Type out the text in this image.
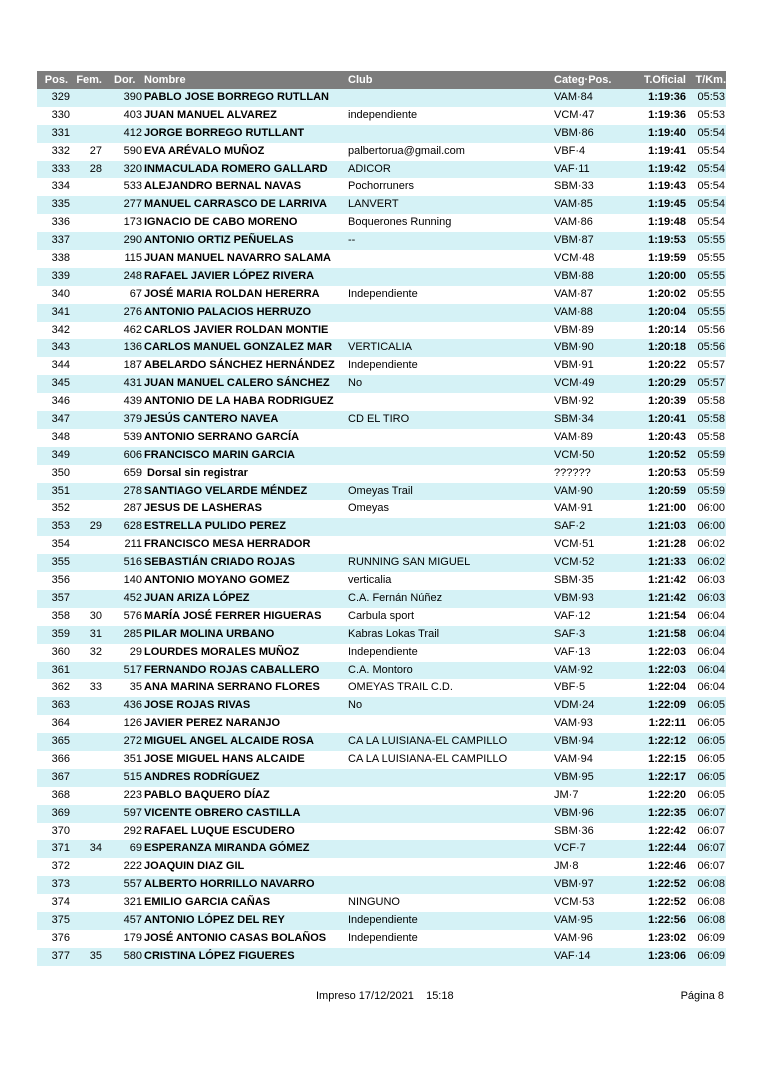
Pos. Fem. Dor. Nombre	Club	Categ·Pos.	T.Oficial T/Km.
329	390 PABLO JOSE BORREGO RUTLLAN	VAM·84	1:19:36	05:53
330	403 JUAN MANUEL ALVAREZ	independiente	VCM·47	1:19:36	05:53
331	412 JORGE BORREGO RUTLLANT	VBM·86	1:19:40	05:54
332	27	590 EVA ARÉVALO MUÑOZ	palbertorua@gmail.com	VBF·4	1:19:41	05:54
333	28	320 INMACULADA ROMERO GALLARD	ADICOR	VAF·11	1:19:42	05:54
334	533 ALEJANDRO BERNAL NAVAS	Pochorruners	SBM·33	1:19:43	05:54
335	277 MANUEL CARRASCO DE LARRIVA	LANVERT	VAM·85	1:19:45	05:54
336	173 IGNACIO DE CABO MORENO	Boquerones Running	VAM·86	1:19:48	05:54
337	290 ANTONIO ORTIZ PEÑUELAS	--	VBM·87	1:19:53	05:55
338	115 JUAN MANUEL NAVARRO SALAMA	VCM·48	1:19:59	05:55
339	248 RAFAEL JAVIER LÓPEZ RIVERA	VBM·88	1:20:00	05:55
340	67 JOSÉ MARIA ROLDAN HERERRA	Independiente	VAM·87	1:20:02	05:55
341	276 ANTONIO PALACIOS HERRUZO	VAM·88	1:20:04	05:55
342	462 CARLOS JAVIER ROLDAN MONTIE	VBM·89	1:20:14	05:56
343	136 CARLOS MANUEL GONZALEZ MAR	VERTICALIA	VBM·90	1:20:18	05:56
344	187 ABELARDO SÁNCHEZ HERNÁNDEZ	Independiente	VBM·91	1:20:22	05:57
345	431 JUAN MANUEL CALERO SÁNCHEZ	No	VCM·49	1:20:29	05:57
346	439 ANTONIO DE LA HABA RODRIGUEZ	VBM·92	1:20:39	05:58
347	379 JESÚS CANTERO NAVEA	CD EL TIRO	SBM·34	1:20:41	05:58
348	539 ANTONIO SERRANO GARCÍA	VAM·89	1:20:43	05:58
349	606 FRANCISCO MARIN GARCIA	VCM·50	1:20:52	05:59
350	659 Dorsal sin registrar	??????	1:20:53	05:59
351	278 SANTIAGO VELARDE MÉNDEZ	Omeyas Trail	VAM·90	1:20:59	05:59
352	287 JESUS DE LASHERAS	Omeyas	VAM·91	1:21:00	06:00
353	29	628 ESTRELLA PULIDO PEREZ	SAF·2	1:21:03	06:00
354	211 FRANCISCO MESA HERRADOR	VCM·51	1:21:28	06:02
355	516 SEBASTIÁN CRIADO ROJAS	RUNNING SAN MIGUEL	VCM·52	1:21:33	06:02
356	140 ANTONIO MOYANO GOMEZ	verticalia	SBM·35	1:21:42	06:03
357	452 JUAN ARIZA LÓPEZ	C.A. Fernán Núñez	VBM·93	1:21:42	06:03
358	30	576 MARÍA JOSÉ FERRER HIGUERAS	Carbula sport	VAF·12	1:21:54	06:04
359	31	285 PILAR MOLINA URBANO	Kabras Lokas Trail	SAF·3	1:21:58	06:04
360	32	29 LOURDES MORALES MUÑOZ	Independiente	VAF·13	1:22:03	06:04
361	517 FERNANDO ROJAS CABALLERO	C.A. Montoro	VAM·92	1:22:03	06:04
362	33	35 ANA MARINA SERRANO FLORES	OMEYAS TRAIL C.D.	VBF·5	1:22:04	06:04
363	436 JOSE ROJAS RIVAS	No	VDM·24	1:22:09	06:05
364	126 JAVIER PEREZ NARANJO	VAM·93	1:22:11	06:05
365	272 MIGUEL ANGEL ALCAIDE ROSA	CA LA LUISIANA-EL CAMPILLO	VBM·94	1:22:12	06:05
366	351 JOSE MIGUEL HANS ALCAIDE	CA LA LUISIANA-EL CAMPILLO	VAM·94	1:22:15	06:05
367	515 ANDRES RODRÍGUEZ	VBM·95	1:22:17	06:05
368	223 PABLO BAQUERO DÍAZ	JM·7	1:22:20	06:05
369	597 VICENTE OBRERO CASTILLA	VBM·96	1:22:35	06:07
370	292 RAFAEL LUQUE ESCUDERO	SBM·36	1:22:42	06:07
371	34	69 ESPERANZA MIRANDA GÓMEZ	VCF·7	1:22:44	06:07
372	222 JOAQUIN DIAZ GIL	JM·8	1:22:46	06:07
373	557 ALBERTO HORRILLO NAVARRO	VBM·97	1:22:52	06:08
374	321 EMILIO GARCIA CAÑAS	NINGUNO	VCM·53	1:22:52	06:08
375	457 ANTONIO LÓPEZ DEL REY	Independiente	VAM·95	1:22:56	06:08
376	179 JOSÉ ANTONIO CASAS BOLAÑOS	Independiente	VAM·96	1:23:02	06:09
377	35	580 CRISTINA LÓPEZ FIGUERES	VAF·14	1:23:06	06:09
Impreso 17/12/2021    15:18	Página 8
